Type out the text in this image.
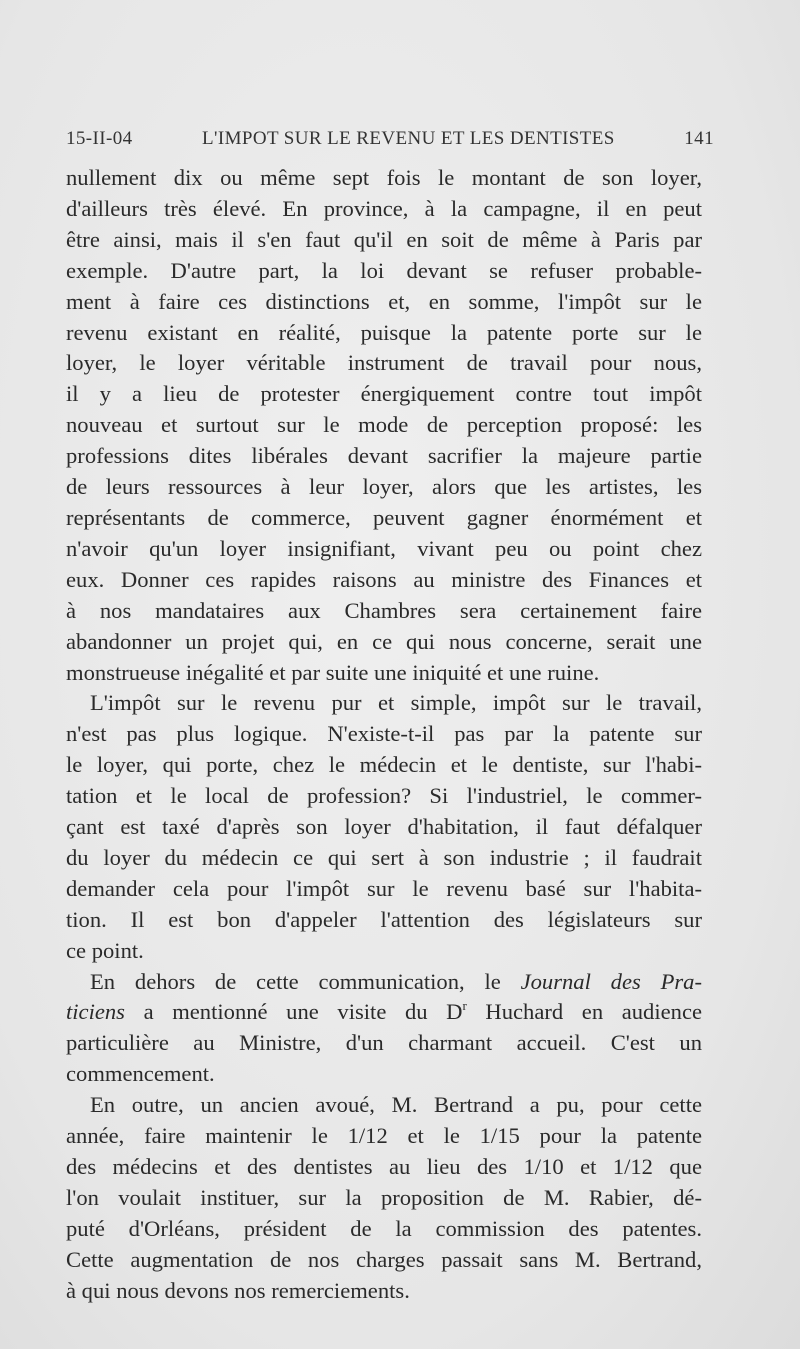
15-II-04	L'IMPOT SUR LE REVENU ET LES DENTISTES	141
nullement dix ou même sept fois le montant de son loyer,
d'ailleurs très élevé. En province, à la campagne, il en peut
être ainsi, mais il s'en faut qu'il en soit de même à Paris par
exemple. D'autre part, la loi devant se refuser probable-
ment à faire ces distinctions et, en somme, l'impôt sur le
revenu existant en réalité, puisque la patente porte sur le
loyer, le loyer véritable instrument de travail pour nous,
il y a lieu de protester énergiquement contre tout impôt
nouveau et surtout sur le mode de perception proposé: les
professions dites libérales devant sacrifier la majeure partie
de leurs ressources à leur loyer, alors que les artistes, les
représentants de commerce, peuvent gagner énormément et
n'avoir qu'un loyer insignifiant, vivant peu ou point chez
eux. Donner ces rapides raisons au ministre des Finances et
à nos mandataires aux Chambres sera certainement faire
abandonner un projet qui, en ce qui nous concerne, serait une
monstrueuse inégalité et par suite une iniquité et une ruine.
L'impôt sur le revenu pur et simple, impôt sur le travail,
n'est pas plus logique. N'existe-t-il pas par la patente sur
le loyer, qui porte, chez le médecin et le dentiste, sur l'habi-
tation et le local de profession? Si l'industriel, le commer-
çant est taxé d'après son loyer d'habitation, il faut défalquer
du loyer du médecin ce qui sert à son industrie ; il faudrait
demander cela pour l'impôt sur le revenu basé sur l'habita-
tion. Il est bon d'appeler l'attention des législateurs sur
ce point.
En dehors de cette communication, le Journal des Pra-
ticiens a mentionné une visite du $D^r$ Huchard en audience
particulière au Ministre, d'un charmant accueil. C'est un
commencement.
En outre, un ancien avoué, M. Bertrand a pu, pour cette
année, faire maintenir le 1/12 et le 1/15 pour la patente
des médecins et des dentistes au lieu des 1/10 et 1/12 que
l'on voulait instituer, sur la proposition de M. Rabier, dé-
puté d'Orléans, président de la commission des patentes.
Cette augmentation de nos charges passait sans M. Bertrand,
à qui nous devons nos remerciements.
